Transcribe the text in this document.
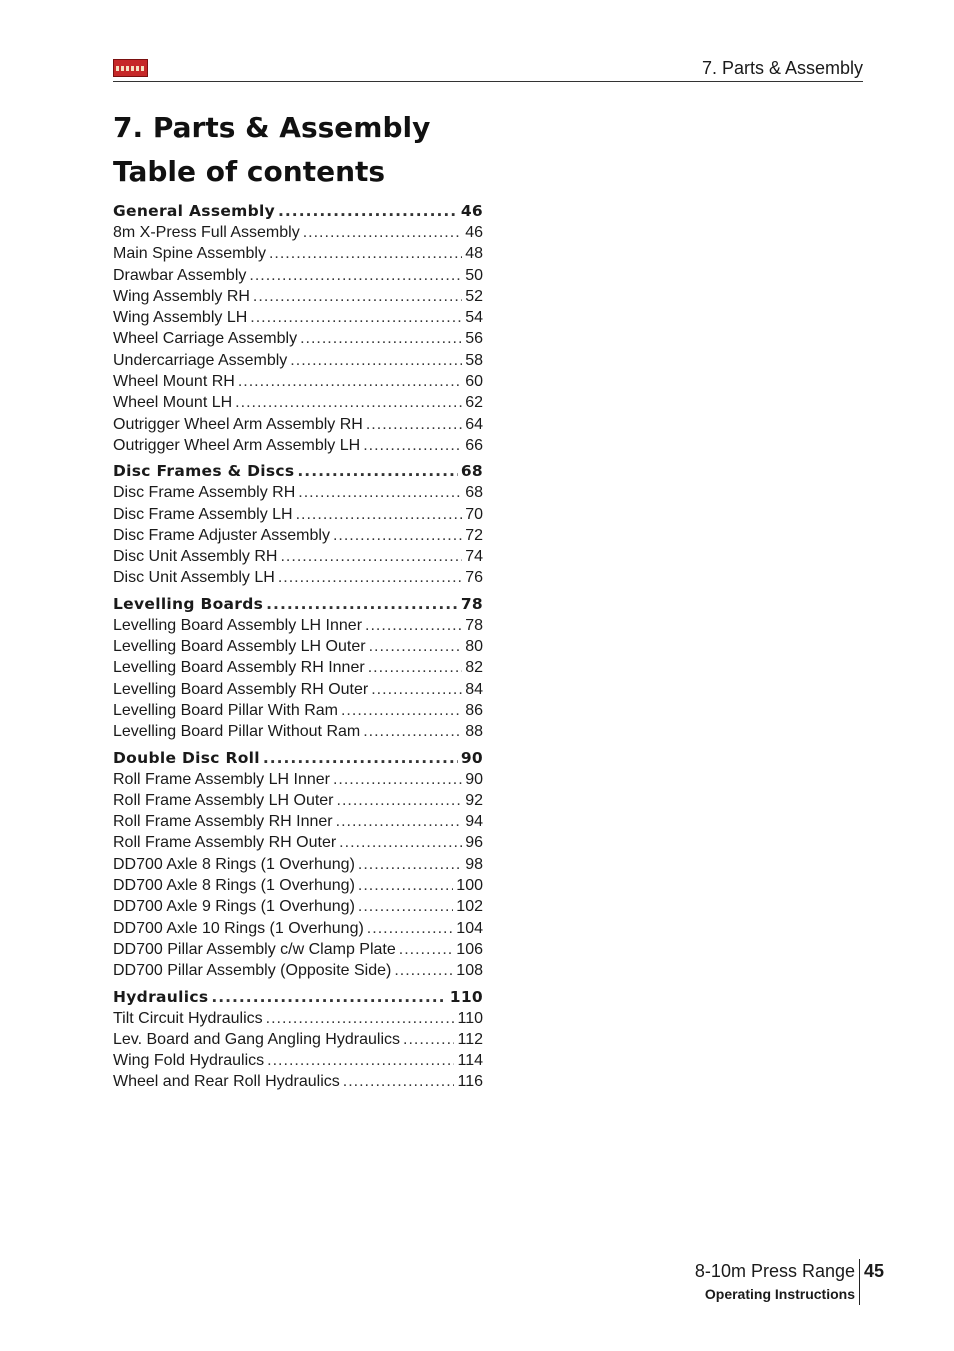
7. Parts & Assembly
7. Parts & Assembly
Table of contents
General Assembly .....	46
8m X-Press Full Assembly .....	46
Main Spine Assembly .....	48
Drawbar Assembly .....	50
Wing Assembly RH .....	52
Wing Assembly LH .....	54
Wheel Carriage Assembly .....	56
Undercarriage Assembly .....	58
Wheel Mount RH .....	60
Wheel Mount LH .....	62
Outrigger Wheel Arm Assembly RH .....	64
Outrigger Wheel Arm Assembly LH .....	66
Disc Frames & Discs .....	68
Disc Frame Assembly RH .....	68
Disc Frame Assembly LH .....	70
Disc Frame Adjuster Assembly .....	72
Disc Unit Assembly RH .....	74
Disc Unit Assembly LH .....	76
Levelling Boards .....	78
Levelling Board Assembly LH Inner .....	78
Levelling Board Assembly LH Outer .....	80
Levelling Board Assembly RH Inner .....	82
Levelling Board Assembly RH Outer .....	84
Levelling Board Pillar With Ram .....	86
Levelling Board Pillar Without Ram .....	88
Double Disc Roll .....	90
Roll Frame Assembly LH Inner .....	90
Roll Frame Assembly LH Outer .....	92
Roll Frame Assembly RH Inner .....	94
Roll Frame Assembly RH Outer .....	96
DD700 Axle 8 Rings (1 Overhung) .....	98
DD700 Axle 8 Rings (1 Overhung) .....	100
DD700 Axle 9 Rings (1 Overhung) .....	102
DD700 Axle 10 Rings (1 Overhung) .....	104
DD700 Pillar Assembly c/w Clamp Plate .....	106
DD700 Pillar Assembly (Opposite Side) .....	108
Hydraulics .....	110
Tilt Circuit Hydraulics .....	110
Lev. Board and Gang Angling Hydraulics .....	112
Wing Fold Hydraulics .....	114
Wheel and Rear Roll Hydraulics .....	116
8-10m Press Range
Operating Instructions
45
